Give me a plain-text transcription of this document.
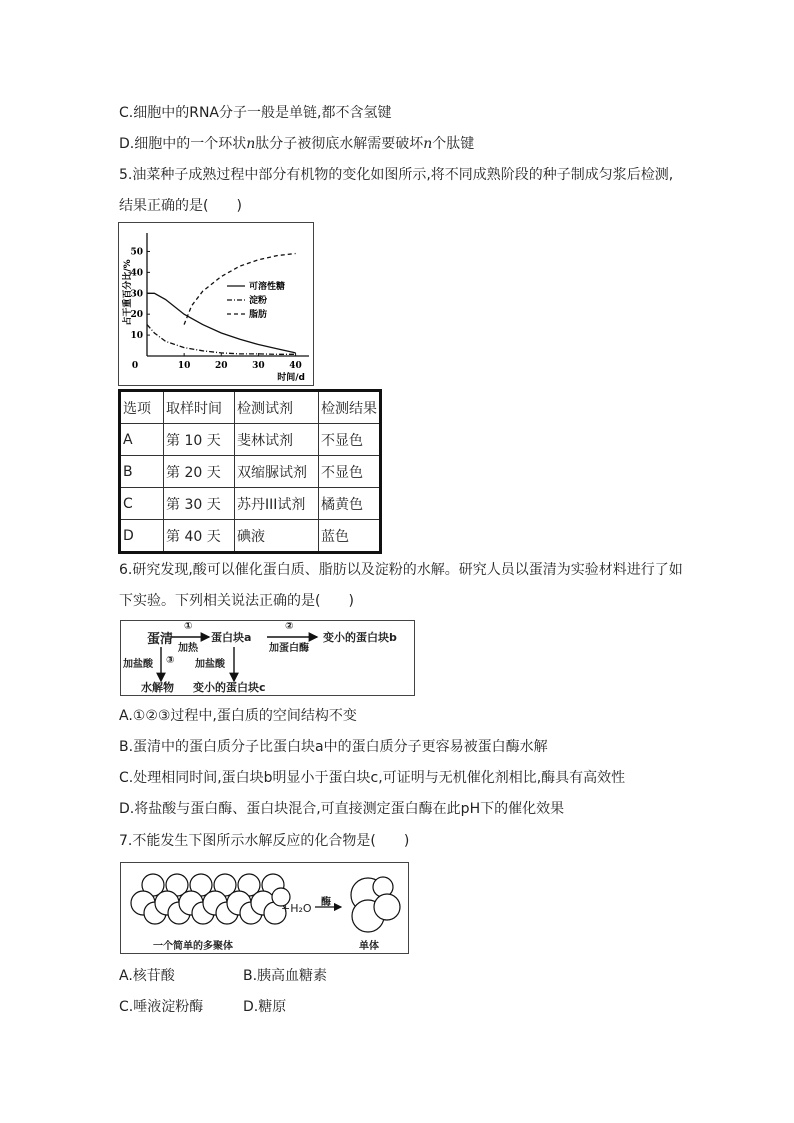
C.细胞中的RNA分子一般是单链,都不含氢键
D.细胞中的一个环状n肽分子被彻底水解需要破坏n个肽键
5.油菜种子成熟过程中部分有机物的变化如图所示,将不同成熟阶段的种子制成匀浆后检测,
结果正确的是(　　)
0	10	20	30	40
10
20
30
40
50
时间/d
占干重百分比/%	可溶性糖
淀粉
脂肪
选项	取样时间	检测试剂	检测结果
A	第 10 天	斐林试剂	不显色
B	第 20 天	双缩脲试剂	不显色
C	第 30 天	苏丹III试剂	橘黄色
D	第 40 天	碘液	蓝色
6.研究发现,酸可以催化蛋白质、脂肪以及淀粉的水解。研究人员以蛋清为实验材料进行了如
下实验。下列相关说法正确的是(　　)
蛋清
①
加热
蛋白块a
②
加蛋白酶
变小的蛋白块b
加盐酸 ③ 加盐酸
水解物 变小的蛋白块c
A.①②③过程中,蛋白质的空间结构不变
B.蛋清中的蛋白质分子比蛋白块a中的蛋白质分子更容易被蛋白酶水解
C.处理相同时间,蛋白块b明显小于蛋白块c,可证明与无机催化剂相比,酶具有高效性
D.将盐酸与蛋白酶、蛋白块混合,可直接测定蛋白酶在此pH下的催化效果
7.不能发生下图所示水解反应的化合物是(　　)
一个简单的多聚体
+H₂O 酶
单体
A.核苷酸	B.胰高血糖素
C.唾液淀粉酶	D.糖原
